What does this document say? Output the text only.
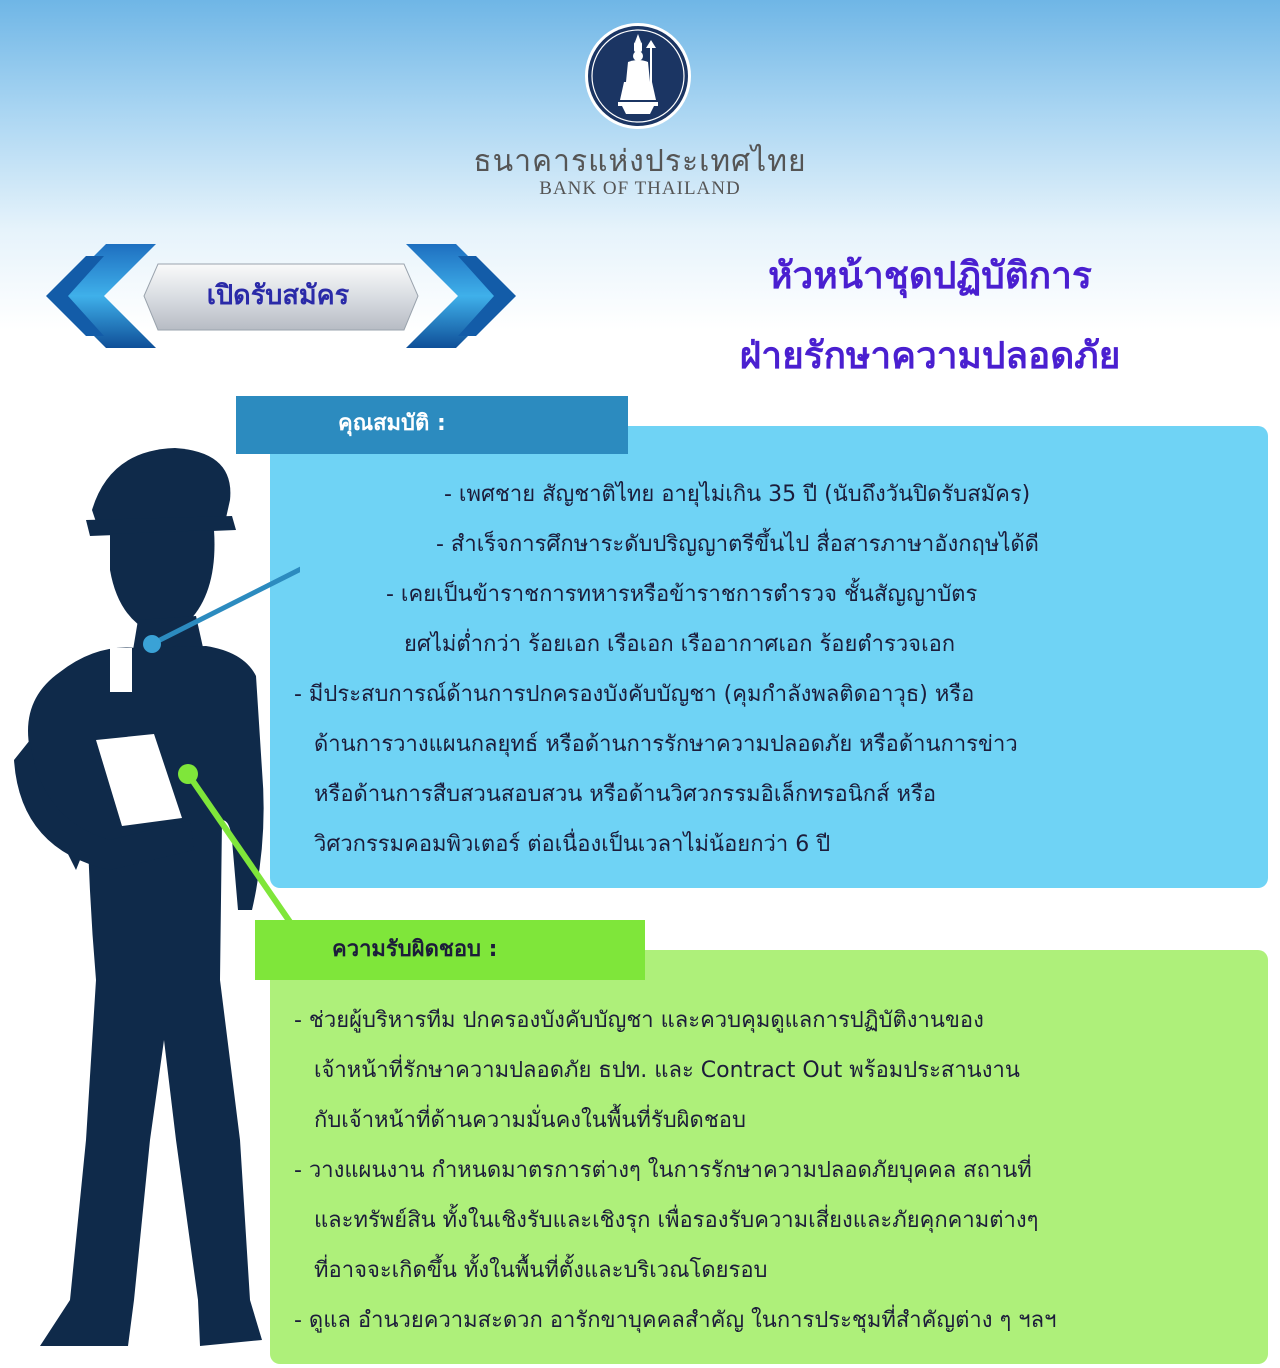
ธนาคารแห่งประเทศไทย
BANK OF THAILAND
เปิดรับสมัคร	หัวหน้าชุดปฏิบัติการ
ฝ่ายรักษาความปลอดภัย
คุณสมบัติ :
- เพศชาย สัญชาติไทย อายุไม่เกิน 35 ปี (นับถึงวันปิดรับสมัคร)
- สำเร็จการศึกษาระดับปริญญาตรีขึ้นไป สื่อสารภาษาอังกฤษได้ดี
- เคยเป็นข้าราชการทหารหรือข้าราชการตำรวจ ชั้นสัญญาบัตร
ยศไม่ต่ำกว่า ร้อยเอก เรือเอก เรืออากาศเอก ร้อยตำรวจเอก
- มีประสบการณ์ด้านการปกครองบังคับบัญชา (คุมกำลังพลติดอาวุธ) หรือ
ด้านการวางแผนกลยุทธ์ หรือด้านการรักษาความปลอดภัย หรือด้านการข่าว
หรือด้านการสืบสวนสอบสวน หรือด้านวิศวกรรมอิเล็กทรอนิกส์ หรือ
วิศวกรรมคอมพิวเตอร์ ต่อเนื่องเป็นเวลาไม่น้อยกว่า 6 ปี
ความรับผิดชอบ :
- ช่วยผู้บริหารทีม ปกครองบังคับบัญชา และควบคุมดูแลการปฏิบัติงานของ
เจ้าหน้าที่รักษาความปลอดภัย ธปท. และ Contract Out พร้อมประสานงาน
กับเจ้าหน้าที่ด้านความมั่นคงในพื้นที่รับผิดชอบ
- วางแผนงาน กำหนดมาตรการต่างๆ ในการรักษาความปลอดภัยบุคคล สถานที่
และทรัพย์สิน ทั้งในเชิงรับและเชิงรุก เพื่อรองรับความเสี่ยงและภัยคุกคามต่างๆ
ที่อาจจะเกิดขึ้น ทั้งในพื้นที่ตั้งและบริเวณโดยรอบ
- ดูแล อำนวยความสะดวก อารักขาบุคคลสำคัญ ในการประชุมที่สำคัญต่าง ๆ ฯลฯ
